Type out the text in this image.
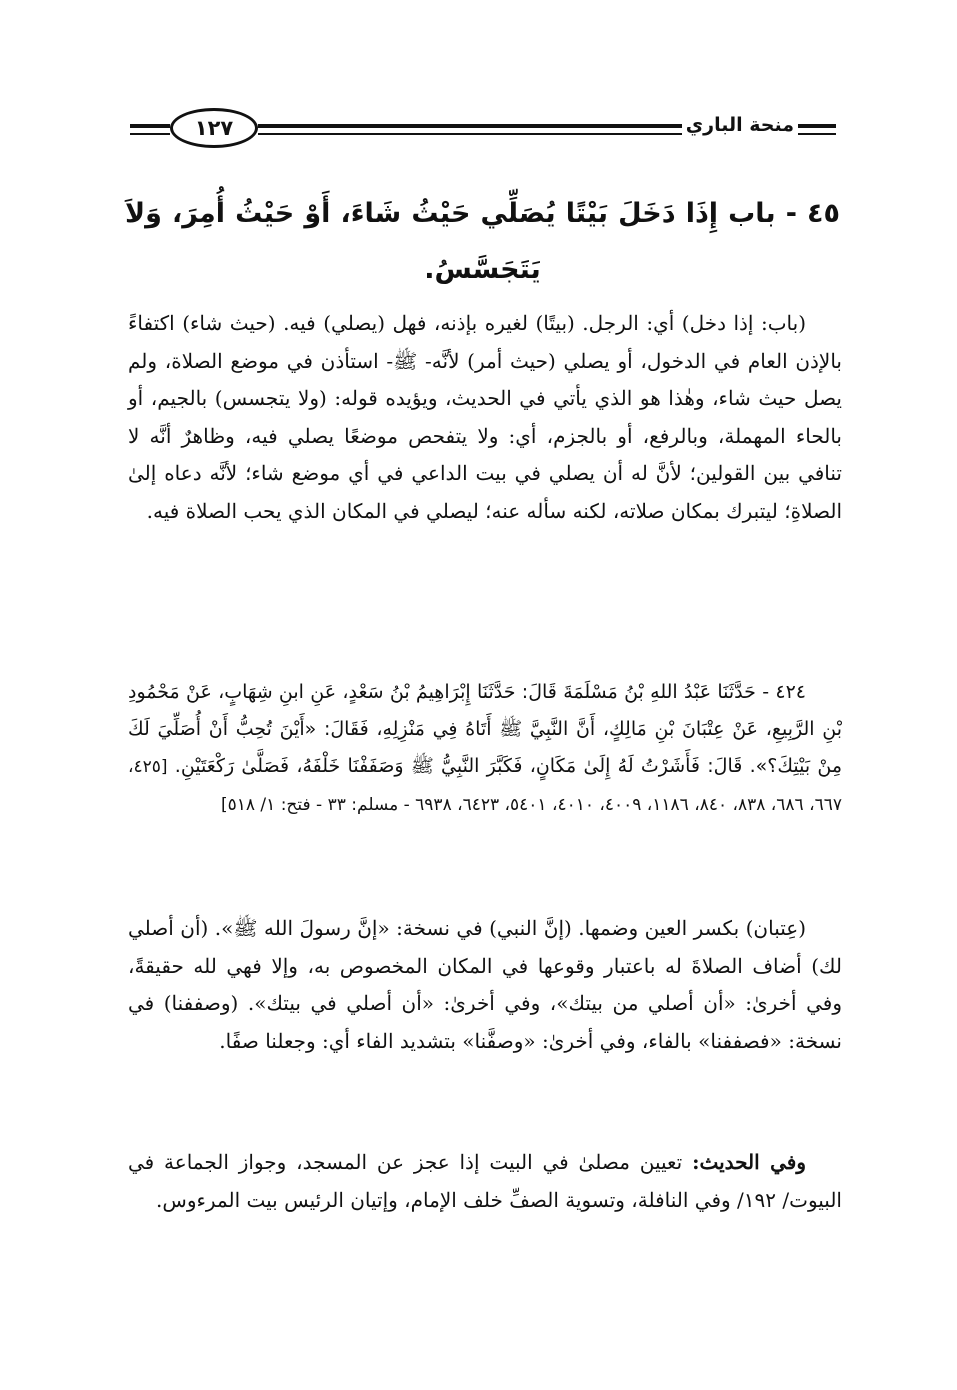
١٢٧	منحة الباري
٤٥ - باب إِذَا دَخَلَ بَيْتًا يُصَلِّي حَيْثُ شَاءَ، أَوْ حَيْثُ أُمِرَ، وَلاَ
يَتَجَسَّسُ.
(باب: إذا دخل) أي: الرجل. (بيتًا) لغيره بإذنه، فهل (يصلي) فيه. (حيث شاء) اكتفاءً بالإذن العام في الدخول، أو يصلي (حيث أمر) لأنَّه- ﷺ- استأذن في موضع الصلاة، ولم يصل حيث شاء، وهٰذا هو الذي يأتي في الحديث، ويؤيده قوله: (ولا يتجسس) بالجيم، أو بالحاء المهملة، وبالرفع، أو بالجزم، أي: ولا يتفحص موضعًا يصلي فيه، وظاهرٌ أنَّه لا تنافي بين القولين؛ لأنَّ له أن يصلي في بيت الداعي في أي موضع شاء؛ لأنَّه دعاه إلىٰ الصلاةِ؛ ليتبرك بمكان صلاته، لكنه سأله عنه؛ ليصلي في المكان الذي يحب الصلاة فيه.
٤٢٤ - حَدَّثَنَا عَبْدُ اللهِ بْنُ مَسْلَمَةَ قَالَ: حَدَّثَنَا إِبْرَاهِيمُ بْنُ سَعْدٍ، عَنِ ابنِ شِهَابٍ، عَنْ مَحْمُودِ بْنِ الرَّبِيعِ، عَنْ عِتْبَانَ بْنِ مَالِكٍ، أَنَّ النَّبِيَّ ﷺ أَتَاهُ فِي مَنْزِلِهِ، فَقَالَ: «أَيْنَ تُحِبُّ أَنْ أُصَلِّيَ لَكَ مِنْ بَيْتِكَ؟». قَالَ: فَأَشَرْتُ لَهُ إِلَىٰ مَكَانٍ، فَكَبَّرَ النَّبِيُّ ﷺ وَصَفَفْنَا خَلْفَهُ، فَصَلَّىٰ رَكْعَتَيْنِ. [٤٢٥، ٦٦٧، ٦٨٦، ٨٣٨، ٨٤٠، ١١٨٦، ٤٠٠٩، ٤٠١٠، ٥٤٠١، ٦٤٢٣، ٦٩٣٨ - مسلم: ٣٣ - فتح: ١/ ٥١٨]
(عِتبان) بكسر العين وضمها. (إنَّ النبي) في نسخة: «إنَّ رسولَ الله ﷺ». (أن أصلي لك) أضاف الصلاةَ له باعتبار وقوعها في المكان المخصوص به، وإلا فهي لله حقيقةً، وفي أخرىٰ: «أن أصلي من بيتك»، وفي أخرىٰ: «أن أصلي في بيتك». (وصففنا) في نسخة: «فصففنا» بالفاء، وفي أخرىٰ: «وصفَّنا» بتشديد الفاء أي: وجعلنا صفًا.
وفي الحديث: تعيين مصلىٰ في البيت إذا عجز عن المسجد، وجواز الجماعة في البيوت/ ١٩٢/ وفي النافلة، وتسوية الصفِّ خلف الإمام، وإتيان الرئيس بيت المرءوس.
